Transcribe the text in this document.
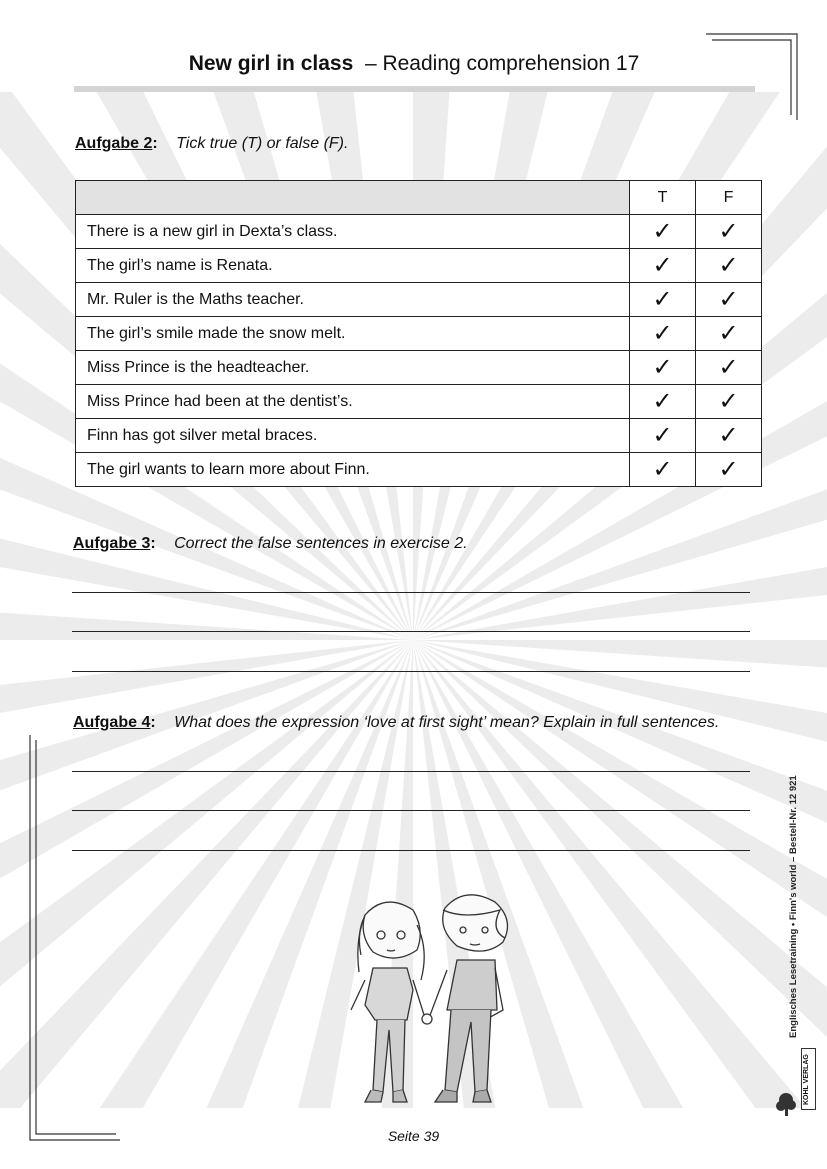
New girl in class – Reading comprehension 17
Aufgabe 2: Tick true (T) or false (F).
	T	F
There is a new girl in Dexta’s class.	✓	✓
The girl’s name is Renata.	✓	✓
Mr. Ruler is the Maths teacher.	✓	✓
The girl’s smile made the snow melt.	✓	✓
Miss Prince is the headteacher.	✓	✓
Miss Prince had been at the dentist’s.	✓	✓
Finn has got silver metal braces.	✓	✓
The girl wants to learn more about Finn.	✓	✓
Aufgabe 3: Correct the false sentences in exercise 2.
Aufgabe 4: What does the expression ‘love at first sight’ mean? Explain in full sentences.
Englisches Lesetraining • Finn's world – Bestell-Nr. 12 921
KOHL VERLAG
Seite 39
